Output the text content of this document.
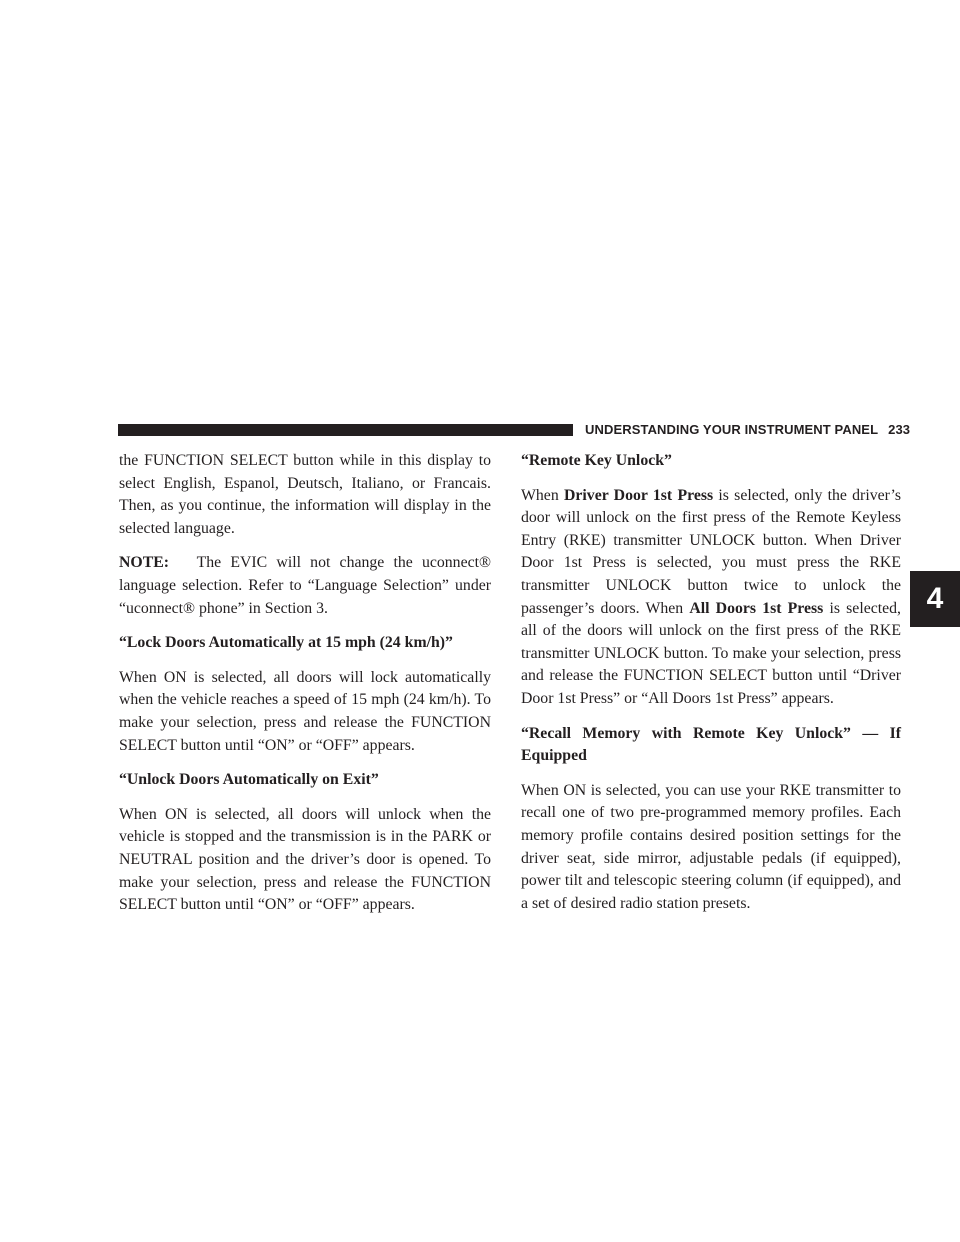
UNDERSTANDING YOUR INSTRUMENT PANEL 233
4

the FUNCTION SELECT button while in this display to select English, Espanol, Deutsch, Italiano, or Francais. Then, as you continue, the information will display in the selected language.

NOTE: The EVIC will not change the uconnect® language selection. Refer to “Language Selection” under “uconnect® phone” in Section 3.

“Lock Doors Automatically at 15 mph (24 km/h)”

When ON is selected, all doors will lock automatically when the vehicle reaches a speed of 15 mph (24 km/h). To make your selection, press and release the FUNCTION SELECT button until “ON” or “OFF” appears.

“Unlock Doors Automatically on Exit”

When ON is selected, all doors will unlock when the vehicle is stopped and the transmission is in the PARK or NEUTRAL position and the driver’s door is opened. To make your selection, press and release the FUNCTION SELECT button until “ON” or “OFF” appears.

“Remote Key Unlock”

When Driver Door 1st Press is selected, only the driver’s door will unlock on the first press of the Remote Keyless Entry (RKE) transmitter UNLOCK button. When Driver Door 1st Press is selected, you must press the RKE transmitter UNLOCK button twice to unlock the passenger’s doors. When All Doors 1st Press is selected, all of the doors will unlock on the first press of the RKE transmitter UNLOCK button. To make your selection, press and release the FUNCTION SELECT button until “Driver Door 1st Press” or “All Doors 1st Press” appears.

“Recall Memory with Remote Key Unlock” — If Equipped

When ON is selected, you can use your RKE transmitter to recall one of two pre-programmed memory profiles. Each memory profile contains desired position settings for the driver seat, side mirror, adjustable pedals (if equipped), power tilt and telescopic steering column (if equipped), and a set of desired radio station presets.
